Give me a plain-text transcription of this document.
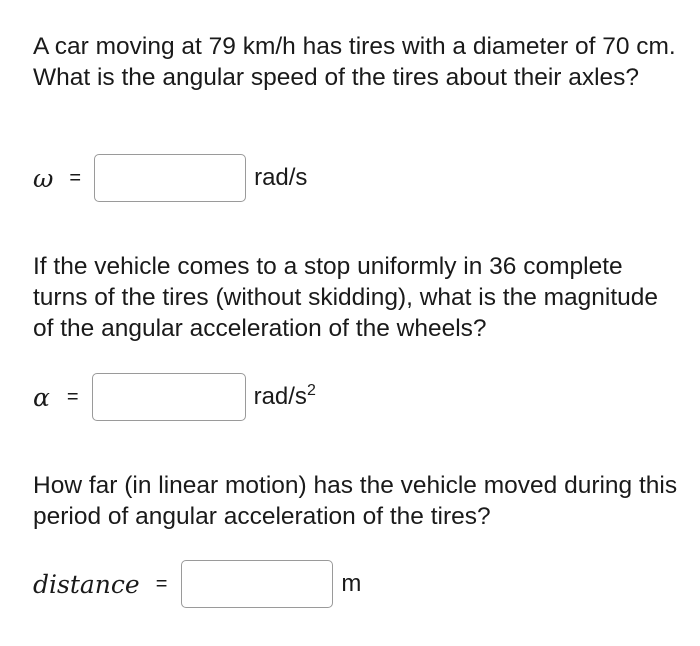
A car moving at 79 km/h has tires with a diameter of 70 cm. What is the angular speed of the tires about their axles?

ω =	rad/s

If the vehicle comes to a stop uniformly in 36 complete turns of the tires (without skidding), what is the magnitude of the angular acceleration of the wheels?

α =	rad/$s^2$

How far (in linear motion) has the vehicle moved during this period of angular acceleration of the tires?

distance =	m
